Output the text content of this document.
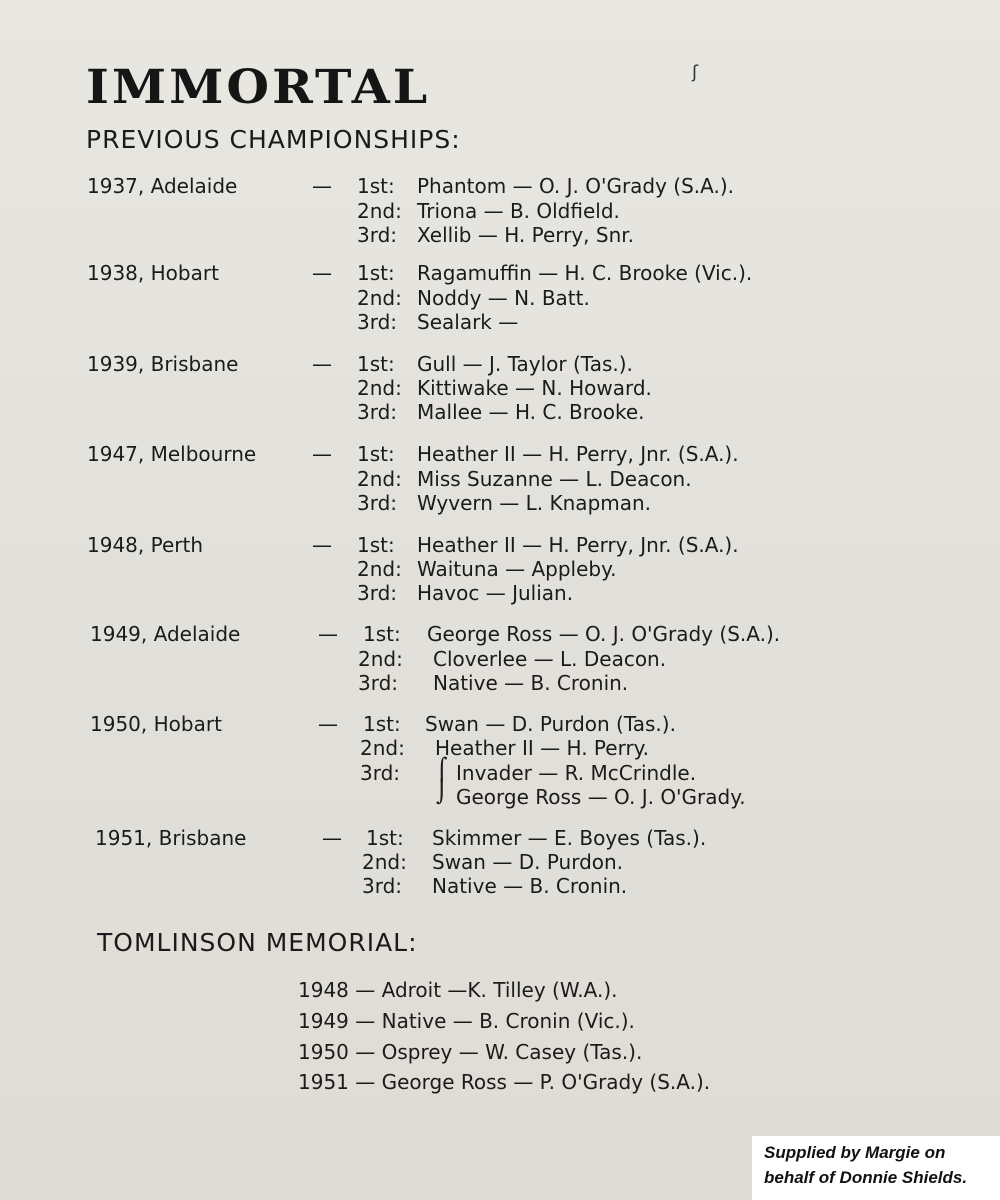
IMMORTAL
PREVIOUS CHAMPIONSHIPS:
1937, Adelaide	— 1st: Phantom — O. J. O'Grady (S.A.).
2nd: Triona — B. Oldfield.
3rd: Xellib — H. Perry, Snr.
1938, Hobart	— 1st: Ragamuffin — H. C. Brooke (Vic.).
2nd: Noddy — N. Batt.
3rd: Sealark —
1939, Brisbane	— 1st: Gull — J. Taylor (Tas.).
2nd: Kittiwake — N. Howard.
3rd: Mallee — H. C. Brooke.
1947, Melbourne	— 1st: Heather II — H. Perry, Jnr. (S.A.).
2nd: Miss Suzanne — L. Deacon.
3rd: Wyvern — L. Knapman.
1948, Perth	— 1st: Heather II — H. Perry, Jnr. (S.A.).
2nd: Waituna — Appleby.
3rd: Havoc — Julian.
1949, Adelaide	— 1st: George Ross — O. J. O'Grady (S.A.).
2nd: Cloverlee — L. Deacon.
3rd: Native — B. Cronin.
1950, Hobart	— 1st: Swan — D. Purdon (Tas.).
2nd: Heather II — H. Perry.
3rd: ⌠ Invader — R. McCrindle.
⌡ George Ross — O. J. O'Grady.
1951, Brisbane	— 1st: Skimmer — E. Boyes (Tas.).
2nd: Swan — D. Purdon.
3rd: Native — B. Cronin.
TOMLINSON MEMORIAL:
1948 — Adroit —K. Tilley (W.A.).
1949 — Native — B. Cronin (Vic.).
1950 — Osprey — W. Casey (Tas.).
1951 — George Ross — P. O'Grady (S.A.).
ʃ
Supplied by Margie on
behalf of Donnie Shields.
